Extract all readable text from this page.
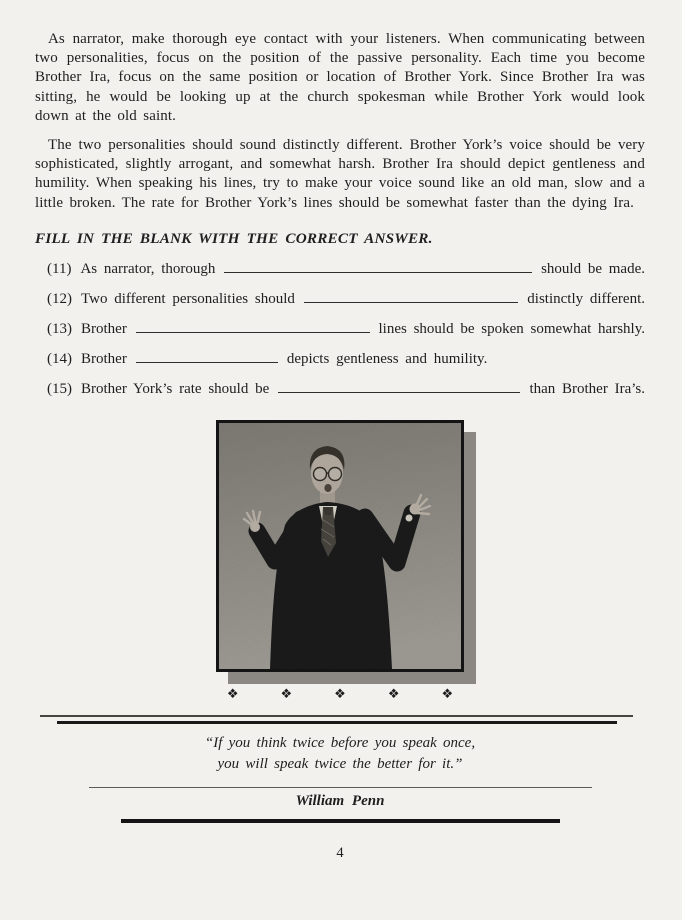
As narrator, make thorough eye contact with your listeners. When communicating between two personalities, focus on the position of the passive personality. Each time you become Brother Ira, focus on the same position or location of Brother York. Since Brother Ira was sitting, he would be looking up at the church spokesman while Brother York would look down at the old saint.

The two personalities should sound distinctly different. Brother York’s voice should be very sophisticated, slightly arrogant, and somewhat harsh. Brother Ira should depict gentleness and humility. When speaking his lines, try to make your voice sound like an old man, slow and a little broken. The rate for Brother York’s lines should be somewhat faster than the dying Ira.

FILL IN THE BLANK WITH THE CORRECT ANSWER.
(11) As narrator, thorough	should be made.
(12) Two different personalities should	distinctly different.
(13) Brother	lines should be spoken somewhat harshly.
(14) Brother	depicts gentleness and humility.
(15) Brother York’s rate should be	than Brother Ira’s.
❖	❖	❖	❖	❖
“If you think twice before you speak once,
you will speak twice the better for it.”
William Penn
4
